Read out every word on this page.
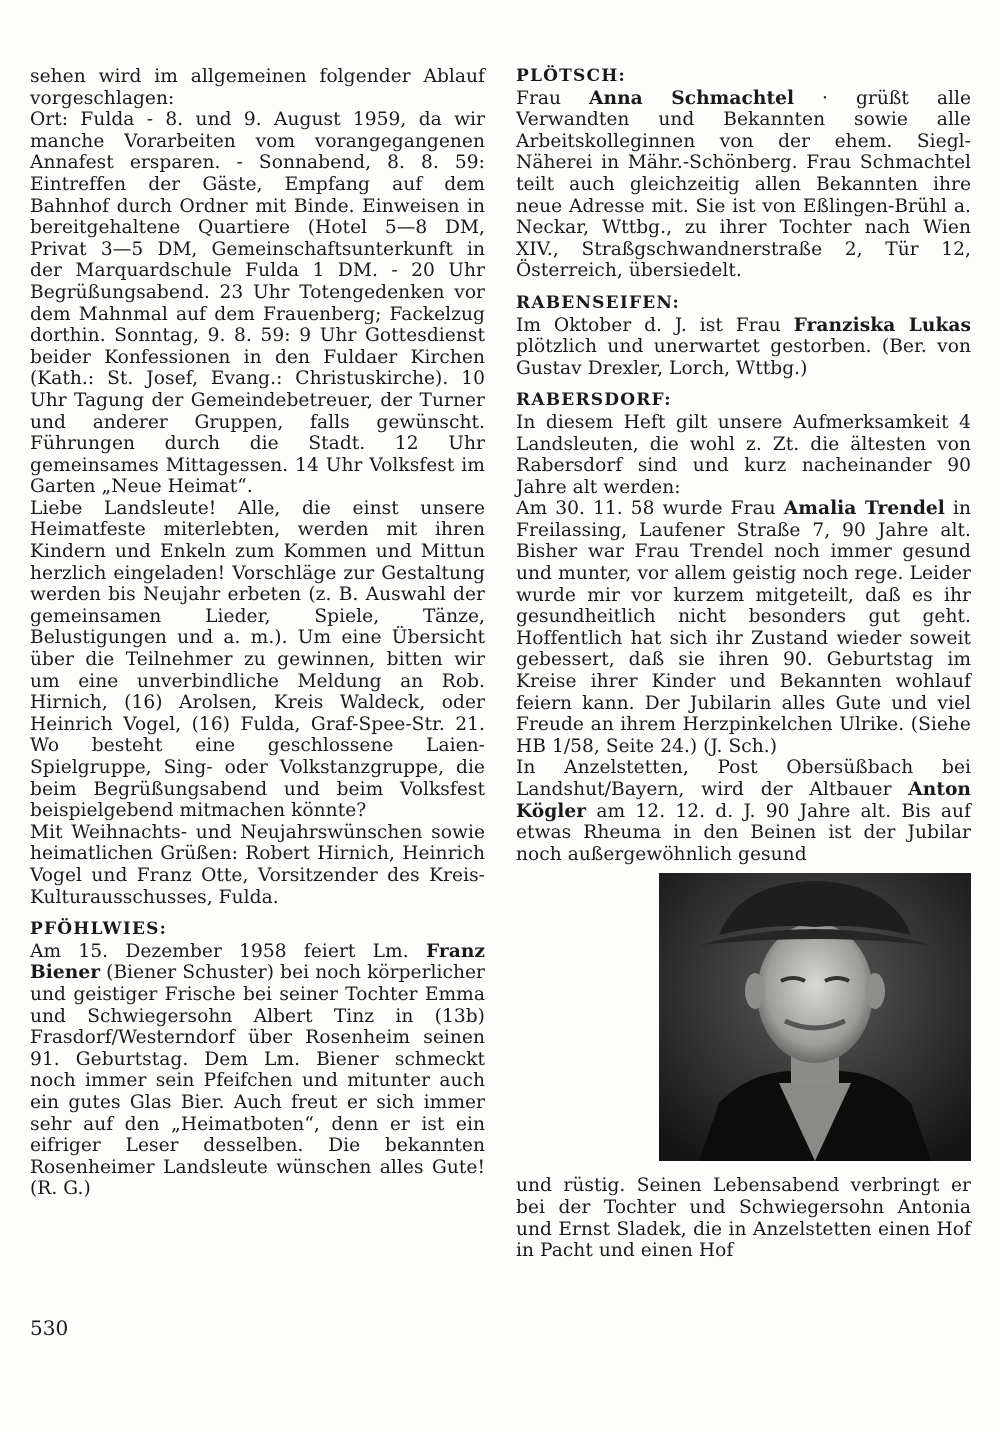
sehen wird im allgemeinen folgender Ablauf vorgeschlagen:

Ort: Fulda - 8. und 9. August 1959, da wir manche Vorarbeiten vom vorangegangenen Annafest ersparen. - Sonnabend, 8. 8. 59: Eintreffen der Gäste, Empfang auf dem Bahnhof durch Ordner mit Binde. Einweisen in bereitgehaltene Quartiere (Hotel 5—8 DM, Privat 3—5 DM, Gemeinschaftsunterkunft in der Marquardschule Fulda 1 DM. - 20 Uhr Begrüßungsabend. 23 Uhr Totengedenken vor dem Mahnmal auf dem Frauenberg; Fackelzug dorthin. Sonntag, 9. 8. 59: 9 Uhr Gottesdienst beider Konfessionen in den Fuldaer Kirchen (Kath.: St. Josef, Evang.: Christuskirche). 10 Uhr Tagung der Gemeindebetreuer, der Turner und anderer Gruppen, falls gewünscht. Führungen durch die Stadt. 12 Uhr gemeinsames Mittagessen. 14 Uhr Volksfest im Garten „Neue Heimat“.

Liebe Landsleute! Alle, die einst unsere Heimatfeste miterlebten, werden mit ihren Kindern und Enkeln zum Kommen und Mittun herzlich eingeladen! Vorschläge zur Gestaltung werden bis Neujahr erbeten (z. B. Auswahl der gemeinsamen Lieder, Spiele, Tänze, Belustigungen und a. m.). Um eine Übersicht über die Teilnehmer zu gewinnen, bitten wir um eine unverbindliche Meldung an Rob. Hirnich, (16) Arolsen, Kreis Waldeck, oder Heinrich Vogel, (16) Fulda, Graf-Spee-Str. 21. Wo besteht eine geschlossene Laien-Spielgruppe, Sing- oder Volkstanzgruppe, die beim Begrüßungsabend und beim Volksfest beispielgebend mitmachen könnte?

Mit Weihnachts- und Neujahrswünschen sowie heimatlichen Grüßen: Robert Hirnich, Heinrich Vogel und Franz Otte, Vorsitzender des Kreis-Kulturausschusses, Fulda.

PFÖHLWIES:

Am 15. Dezember 1958 feiert Lm. Franz Biener (Biener Schuster) bei noch körperlicher und geistiger Frische bei seiner Tochter Emma und Schwiegersohn Albert Tinz in (13b) Frasdorf/Westerndorf über Rosenheim seinen 91. Geburtstag. Dem Lm. Biener schmeckt noch immer sein Pfeifchen und mitunter auch ein gutes Glas Bier. Auch freut er sich immer sehr auf den „Heimatboten“, denn er ist ein eifriger Leser desselben. Die bekannten Rosenheimer Landsleute wünschen alles Gute! (R. G.)

PLÖTSCH:

Frau Anna Schmachtel · grüßt alle Verwandten und Bekannten sowie alle Arbeitskolleginnen von der ehem. Siegl-Näherei in Mähr.-Schönberg. Frau Schmachtel teilt auch gleichzeitig allen Bekannten ihre neue Adresse mit. Sie ist von Eßlingen-Brühl a. Neckar, Wttbg., zu ihrer Tochter nach Wien XIV., Straßgschwandnerstraße 2, Tür 12, Österreich, übersiedelt.

RABENSEIFEN:

Im Oktober d. J. ist Frau Franziska Lukas plötzlich und unerwartet gestorben. (Ber. von Gustav Drexler, Lorch, Wttbg.)

RABERSDORF:

In diesem Heft gilt unsere Aufmerksamkeit 4 Landsleuten, die wohl z. Zt. die ältesten von Rabersdorf sind und kurz nacheinander 90 Jahre alt werden:

Am 30. 11. 58 wurde Frau Amalia Trendel in Freilassing, Laufener Straße 7, 90 Jahre alt. Bisher war Frau Trendel noch immer gesund und munter, vor allem geistig noch rege. Leider wurde mir vor kurzem mitgeteilt, daß es ihr gesundheitlich nicht besonders gut geht. Hoffentlich hat sich ihr Zustand wieder soweit gebessert, daß sie ihren 90. Geburtstag im Kreise ihrer Kinder und Bekannten wohlauf feiern kann. Der Jubilarin alles Gute und viel Freude an ihrem Herzpinkelchen Ulrike. (Siehe HB 1/58, Seite 24.) (J. Sch.)

In Anzelstetten, Post Obersüßbach bei Landshut/Bayern, wird der Altbauer Anton Kögler am 12. 12. d. J. 90 Jahre alt. Bis auf etwas Rheuma in den Beinen ist der Jubilar noch außergewöhnlich gesund

und rüstig. Seinen Lebensabend verbringt er bei der Tochter und Schwiegersohn Antonia und Ernst Sladek, die in Anzelstetten einen Hof in Pacht und einen Hof

530
